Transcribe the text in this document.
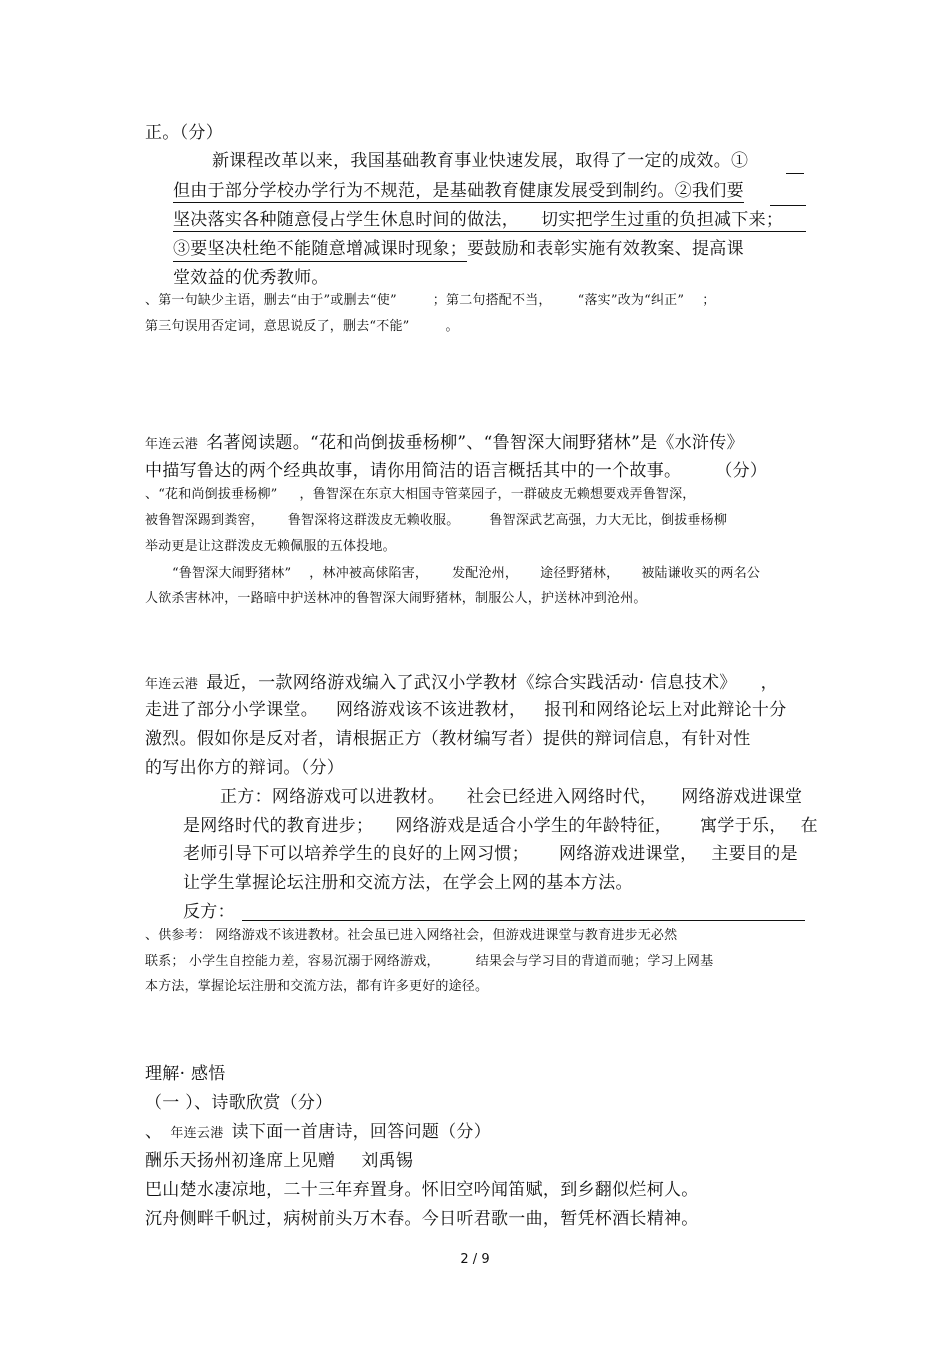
正。（分）
新课程改革以来，我国基础教育事业快速发展，取得了一定的成效。①
但由于部分学校办学行为不规范，是基础教育健康发展受到制约。②我们要
坚决落实各种随意侵占学生休息时间的做法， 切实把学生过重的负担减下来；
③要坚决杜绝不能随意增减课时现象；要鼓励和表彰实施有效教案、提高课
堂效益的优秀教师。
、第一句缺少主语，删去“由于”或删去“使”	；第二句搭配不当， “落实”改为“纠正” ；
第三句误用否定词，意思说反了，删去“不能”	。
年连云港 名著阅读题。“花和尚倒拔垂杨柳”、“鲁智深大闹野猪林”是《水浒传》
中描写鲁达的两个经典故事，请你用简洁的语言概括其中的一个故事。 （分）
、“花和尚倒拔垂杨柳” ，鲁智深在东京大相国寺管菜园子，一群破皮无赖想要戏弄鲁智深，
被鲁智深踢到粪窖， 鲁智深将这群泼皮无赖收服。 鲁智深武艺高强，力大无比，倒拔垂杨柳
举动更是让这群泼皮无赖佩服的五体投地。
“鲁智深大闹野猪林” ，林冲被高俅陷害， 发配沧州， 途径野猪林， 被陆谦收买的两名公
人欲杀害林冲，一路暗中护送林冲的鲁智深大闹野猪林，制服公人，护送林冲到沧州。
年连云港 最近，一款网络游戏编入了武汉小学教材《综合实践活动· 信息技术》 ，
走进了部分小学课堂。 网络游戏该不该进教材， 报刊和网络论坛上对此辩论十分
激烈。假如你是反对者，请根据正方（教材编写者）提供的辩词信息，有针对性
的写出你方的辩词。（分）
正方：网络游戏可以进教材。 社会已经进入网络时代， 网络游戏进课堂
是网络时代的教育进步； 网络游戏是适合小学生的年龄特征， 寓学于乐， 在
老师引导下可以培养学生的良好的上网习惯； 网络游戏进课堂， 主要目的是
让学生掌握论坛注册和交流方法，在学会上网的基本方法。
反方：
、供参考： 网络游戏不该进教材。社会虽已进入网络社会，但游戏进课堂与教育进步无必然
联系； 小学生自控能力差，容易沉溺于网络游戏，	结果会与学习目的背道而驰；学习上网基
本方法，掌握论坛注册和交流方法，都有许多更好的途径。
理解· 感悟
（一 ）、诗歌欣赏（分）
、 年连云港 读下面一首唐诗，回答问题（分）
酬乐天扬州初逢席上见赠 刘禹锡
巴山楚水凄凉地，二十三年弃置身。怀旧空吟闻笛赋，到乡翻似烂柯人。
沉舟侧畔千帆过，病树前头万木春。今日听君歌一曲，暂凭杯酒长精神。
2 / 9
